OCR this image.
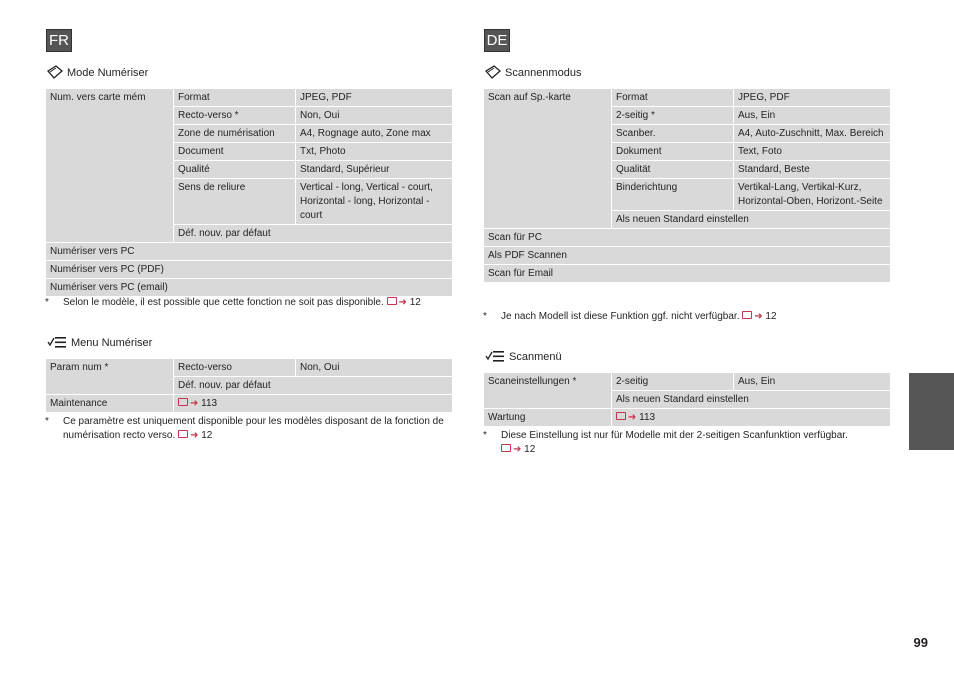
FR
Mode Numériser
Num. vers carte mém	Format	JPEG, PDF
	Recto-verso *	Non, Oui
	Zone de numérisation	A4, Rognage auto, Zone max
	Document	Txt, Photo
	Qualité	Standard, Supérieur
	Sens de reliure	Vertical - long, Vertical - court, Horizontal - long, Horizontal - court
	Déf. nouv. par défaut	
Numériser vers PC		
Numériser vers PC (PDF)		
Numériser vers PC (email)		
* Selon le modèle, il est possible que cette fonction ne soit pas disponible. ➜ 12
Menu Numériser
Param num *	Recto-verso	Non, Oui
	Déf. nouv. par défaut	
Maintenance	➜ 113	
* Ce paramètre est uniquement disponible pour les modèles disposant de la fonction de numérisation recto verso. ➜ 12
DE
Scannenmodus
Scan auf Sp.-karte	Format	JPEG, PDF
	2-seitig *	Aus, Ein
	Scanber.	A4, Auto-Zuschnitt, Max. Bereich
	Dokument	Text, Foto
	Qualität	Standard, Beste
	Binderichtung	Vertikal-Lang, Vertikal-Kurz, Horizontal-Oben, Horizont.-Seite
	Als neuen Standard einstellen	
Scan für PC		
Als PDF Scannen		
Scan für Email		
* Je nach Modell ist diese Funktion ggf. nicht verfügbar. ➜ 12
Scanmenü
Scaneinstellungen *	2-seitig	Aus, Ein
	Als neuen Standard einstellen	
Wartung	➜ 113	
* Diese Einstellung ist nur für Modelle mit der 2-seitigen Scanfunktion verfügbar.
➜ 12
99
